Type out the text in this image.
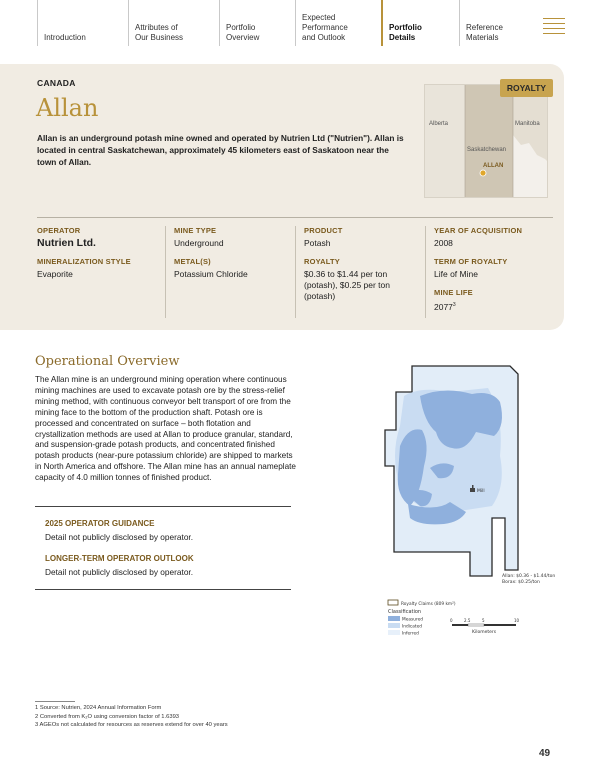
Introduction
Attributes of
Our Business
Portfolio
Overview
Expected
Performance
and Outlook
Portfolio
Details
Reference
Materials
CANADA
Allan
Allan is an underground potash mine owned and operated by Nutrien Ltd ("Nutrien"). Allan is located in central Saskatchewan, approximately 45 kilometers east of Saskatoon near the town of Allan.
Alberta	Manitoba
Saskatchewan
ALLAN
ROYALTY
OPERATOR
Nutrien Ltd.
MINERALIZATION STYLE
Evaporite
MINE TYPE
Underground
METAL(S)
Potassium Chloride
PRODUCT
Potash
ROYALTY
$0.36 to $1.44 per ton (potash), $0.25 per ton (potash)
YEAR OF ACQUISITION
2008
TERM OF ROYALTY
Life of Mine
MINE LIFE
2077$^3$
Operational Overview
The Allan mine is an underground mining operation where continuous mining machines are used to excavate potash ore by the stress-relief mining method, with continuous conveyor belt transport of ore from the mining face to the bottom of the production shaft. Potash ore is processed and concentrated on surface – both flotation and crystallization methods are used at Allan to produce granular, standard, and suspension-grade potash products, and concentrated finished potash products (near-pure potassium chloride) are shipped to markets in North America and offshore. The Allan mine has an annual nameplate capacity of 4.0 million tonnes of finished product.
2025 OPERATOR GUIDANCE
Detail not publicly disclosed by operator.
LONGER-TERM OPERATOR OUTLOOK
Detail not publicly disclosed by operator.
Mill
Allan: $0.36 - $1.44/ton
Borax: $0.25/ton
Royalty Claims (809 km²)
Classification
Measured
Indicated
Inferred
0	2.5	5	10
Kilometers
1 Source: Nutrien, 2024 Annual Information Form
2 Converted from K₂O using conversion factor of 1.6393
3 AGEOs not calculated for resources as reserves extend for over 40 years
49
